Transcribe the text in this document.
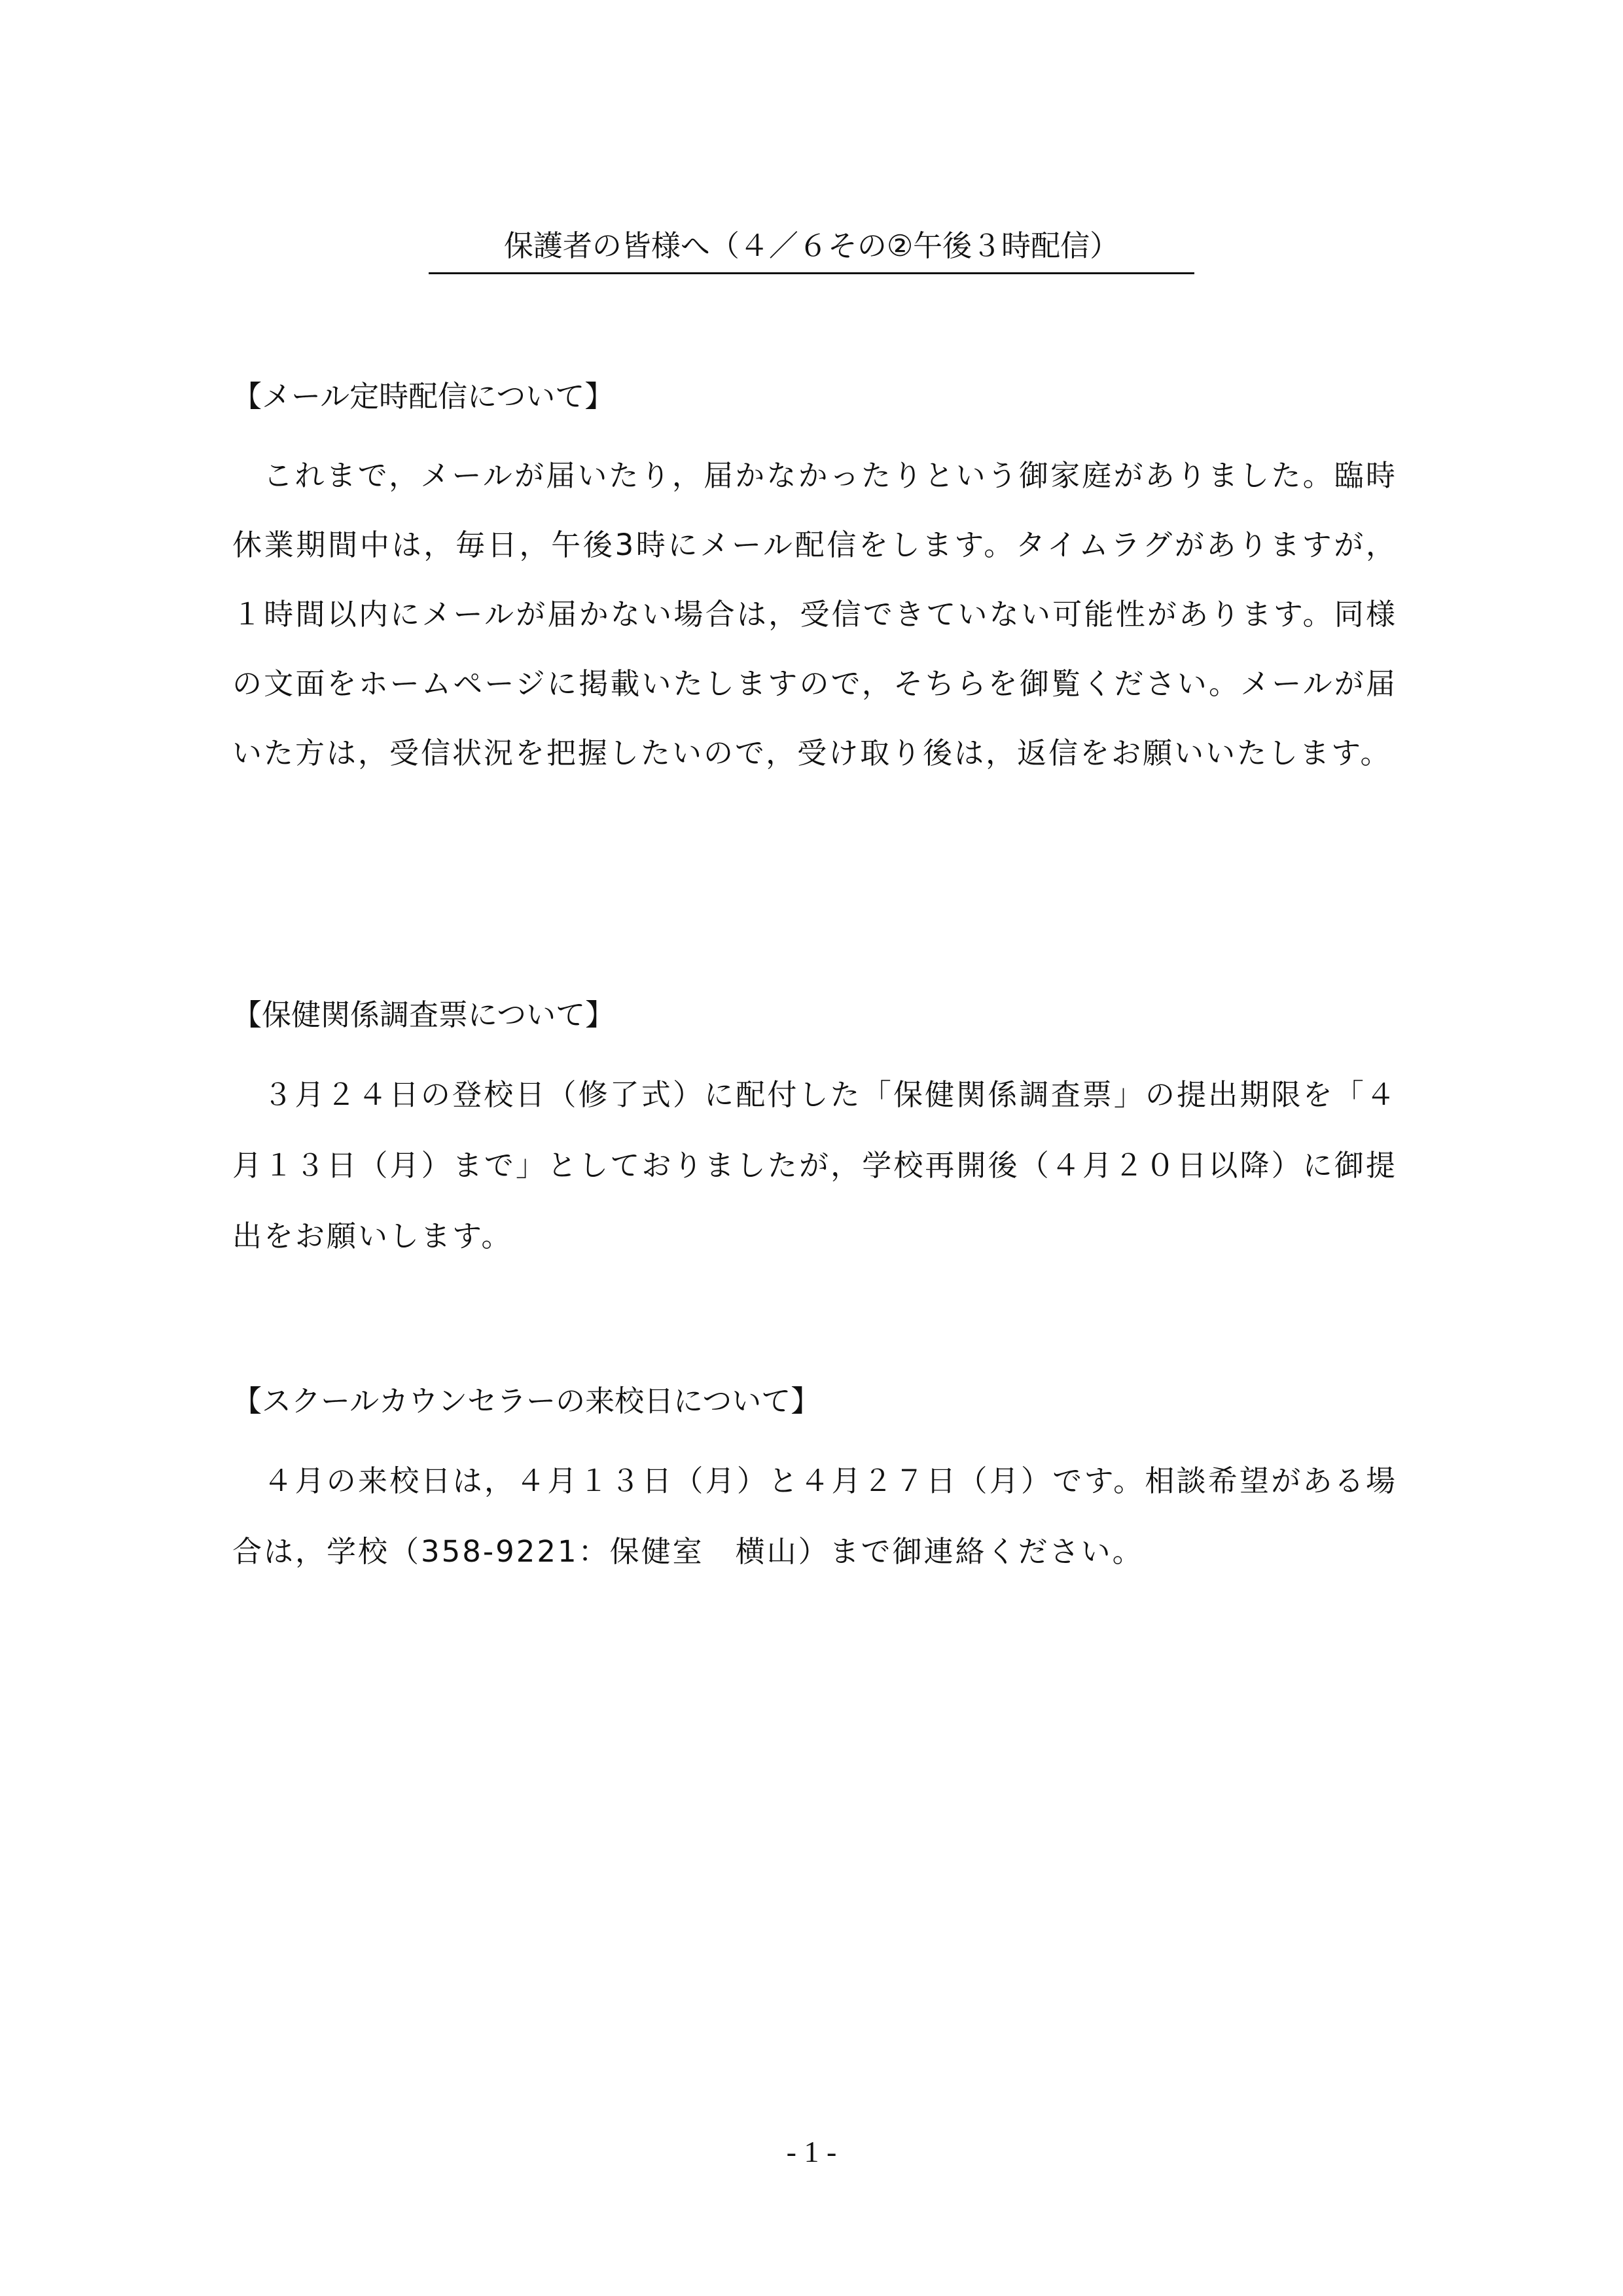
保護者の皆様へ（４／６その②午後３時配信）
【メール定時配信について】
これまで，メールが届いたり，届かなかったりという御家庭がありました。臨時休業期間中は，毎日，午後3時にメール配信をします。タイムラグがありますが，１時間以内にメールが届かない場合は，受信できていない可能性があります。同様の文面をホームページに掲載いたしますので，そちらを御覧ください。メールが届いた方は，受信状況を把握したいので，受け取り後は，返信をお願いいたします。
【保健関係調査票について】
３月２４日の登校日（修了式）に配付した「保健関係調査票」の提出期限を「４月１３日（月）まで」としておりましたが，学校再開後（４月２０日以降）に御提出をお願いします。
【スクールカウンセラーの来校日について】
４月の来校日は，４月１３日（月）と４月２７日（月）です。相談希望がある場合は，学校（358-9221：保健室　横山）まで御連絡ください。
- 1 -
